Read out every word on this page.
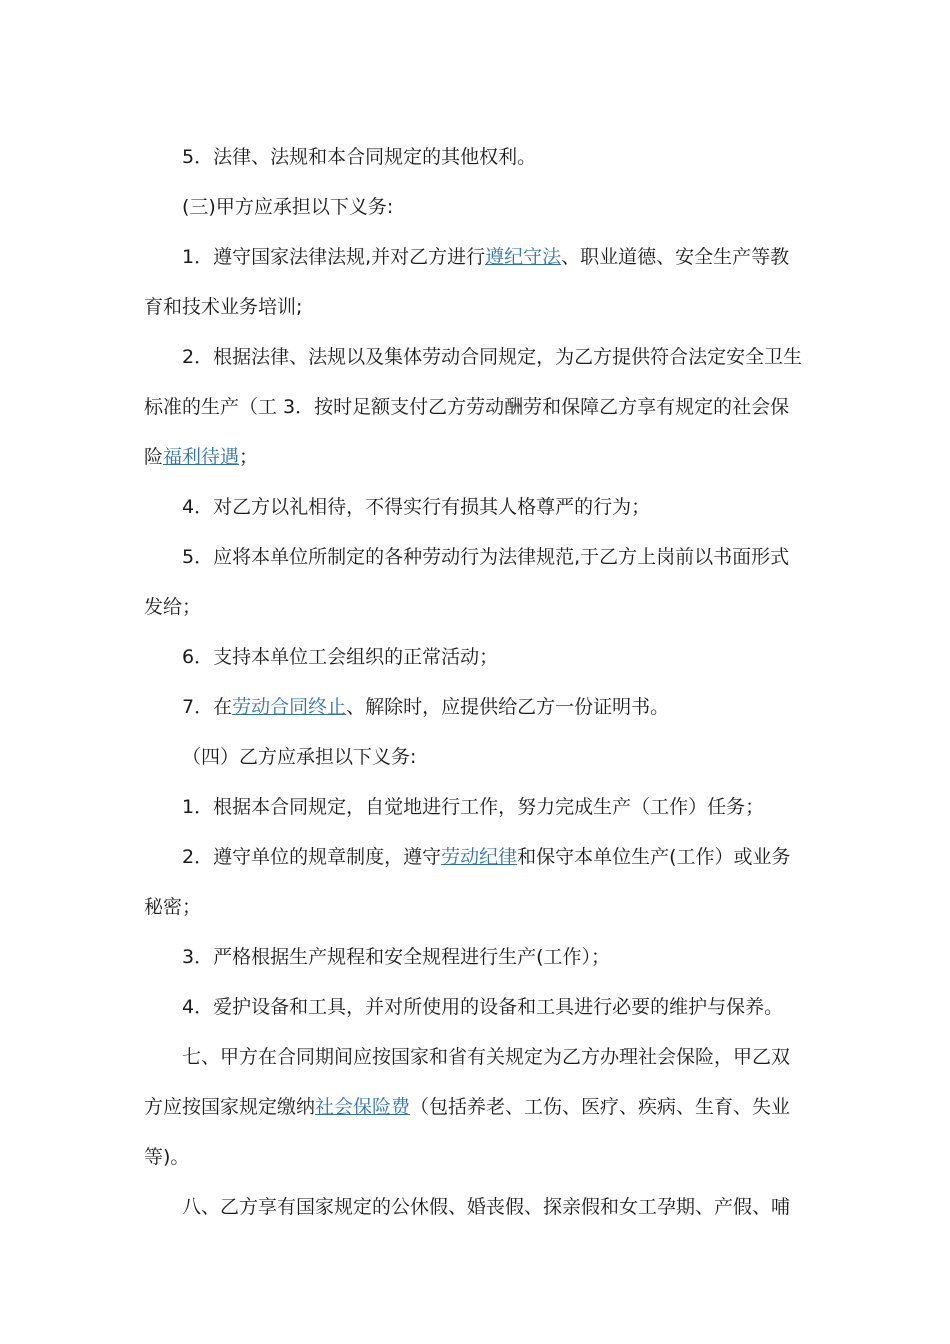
5．法律、法规和本合同规定的其他权利。

(三)甲方应承担以下义务:

1．遵守国家法律法规,并对乙方进行遵纪守法、职业道德、安全生产等教育和技术业务培训;

2．根据法律、法规以及集体劳动合同规定，为乙方提供符合法定安全卫生标准的生产（工 3．按时足额支付乙方劳动酬劳和保障乙方享有规定的社会保险福利待遇；

4．对乙方以礼相待，不得实行有损其人格尊严的行为；

5．应将本单位所制定的各种劳动行为法律规范,于乙方上岗前以书面形式发给；

6．支持本单位工会组织的正常活动；

7．在劳动合同终止、解除时，应提供给乙方一份证明书。

（四）乙方应承担以下义务:

1．根据本合同规定，自觉地进行工作，努力完成生产（工作）任务；

2．遵守单位的规章制度，遵守劳动纪律和保守本单位生产(工作）或业务秘密；

3．严格根据生产规程和安全规程进行生产(工作）；

4．爱护设备和工具，并对所使用的设备和工具进行必要的维护与保养。

七、甲方在合同期间应按国家和省有关规定为乙方办理社会保险，甲乙双方应按国家规定缴纳社会保险费（包括养老、工伤、医疗、疾病、生育、失业等)。

八、乙方享有国家规定的公休假、婚丧假、探亲假和女工孕期、产假、哺
